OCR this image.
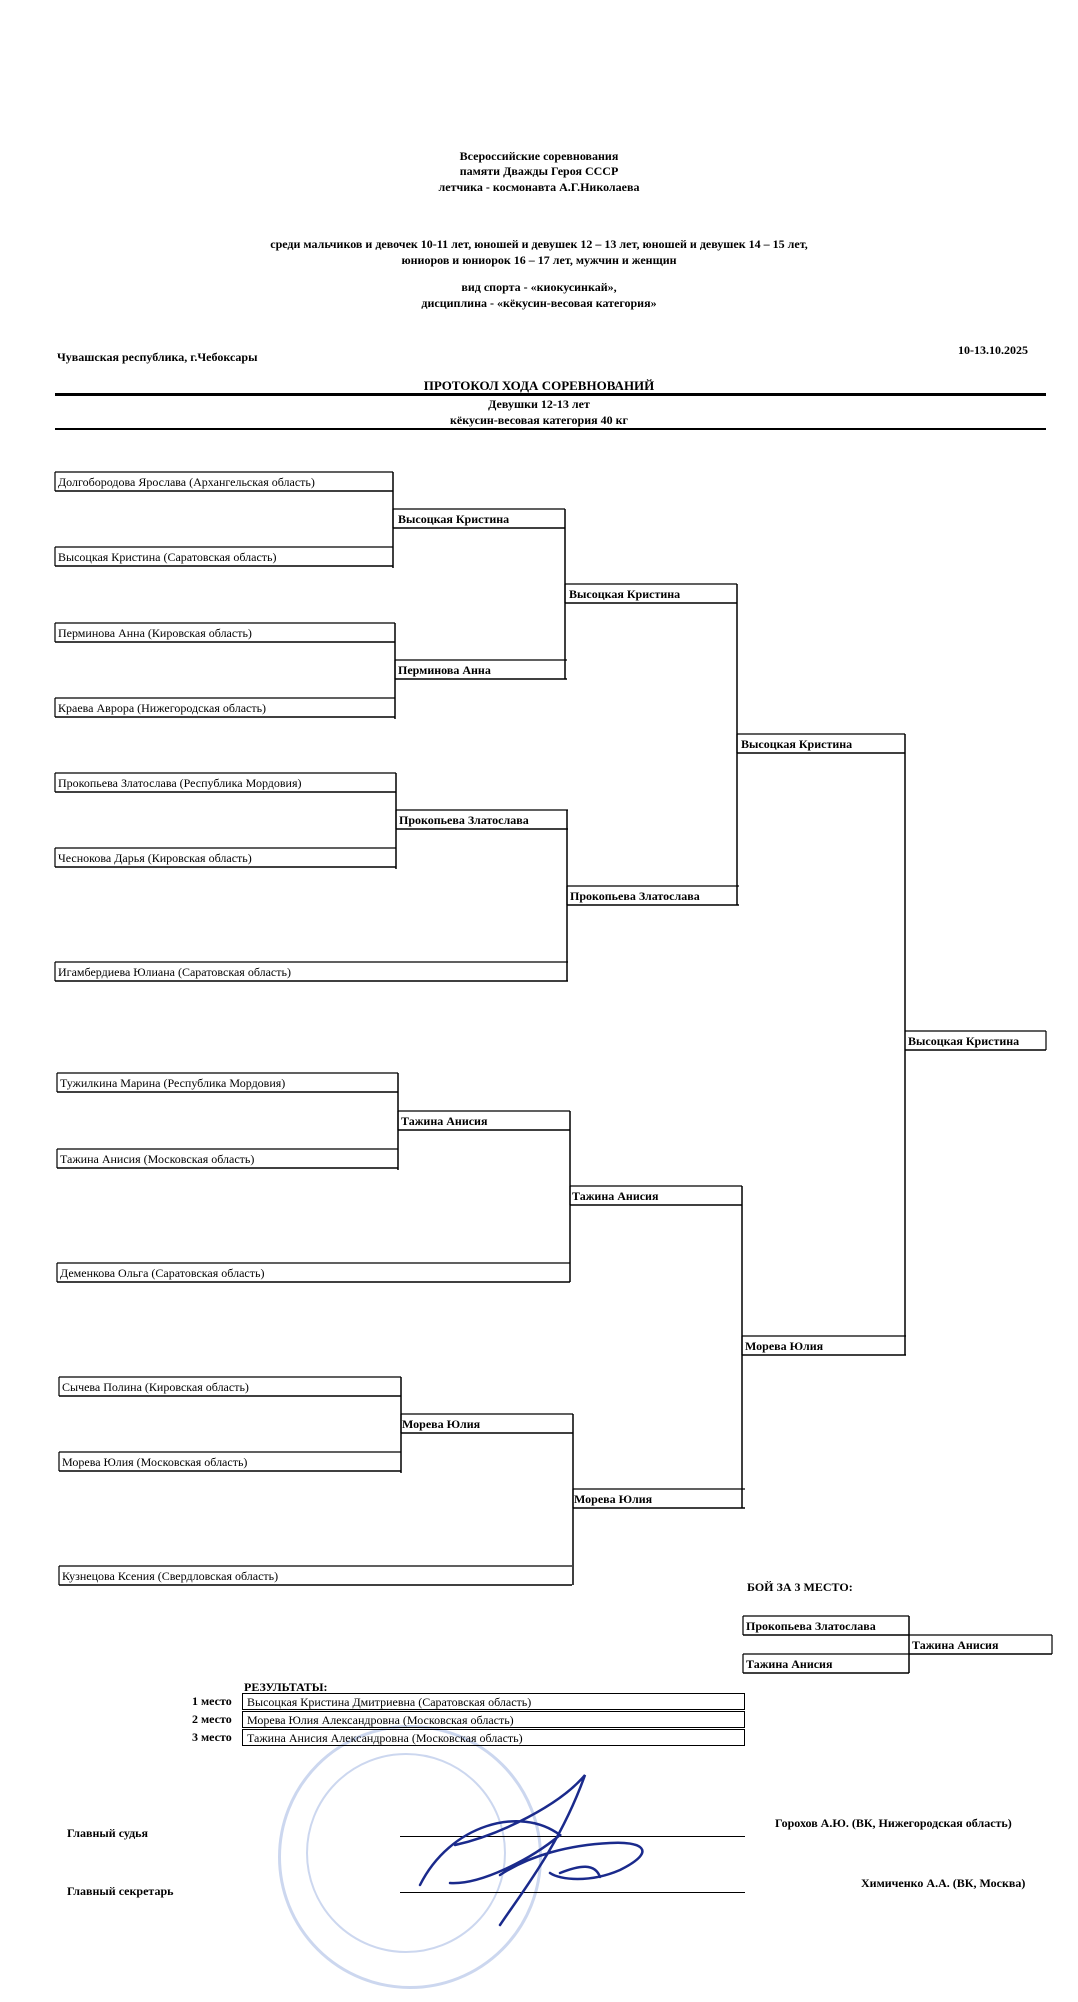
Всероссийские соревнования
памяти Дважды Героя СССР
летчика - космонавта А.Г.Николаева
среди мальчиков и девочек 10-11 лет, юношей и девушек 12 – 13 лет, юношей и девушек 14 – 15 лет,
юниоров и юниорок 16 – 17 лет, мужчин и женщин
вид спорта - «киокусинкай»,
дисциплина - «кёкусин-весовая категория»
Чувашская республика, г.Чебоксары	10-13.10.2025
ПРОТОКОЛ ХОДА СОРЕВНОВАНИЙ
Девушки 12-13 лет
кёкусин-весовая категория 40 кг
Долгобородова Ярослава (Архангельская область)
Высоцкая Кристина (Саратовская область)
Перминова Анна (Кировская область)
Краева Аврора (Нижегородская область)
Прокопьева Златослава (Республика Мордовия)
Чеснокова Дарья (Кировская область)
Игамбердиева Юлиана (Саратовская область)
Тужилкина Марина (Республика Мордовия)
Тажина Анисия (Московская область)
Деменкова Ольга (Саратовская область)
Сычева Полина (Кировская область)
Морева Юлия (Московская область)
Кузнецова Ксения (Свердловская область)
Высоцкая Кристина
Перминова Анна
Прокопьева Златослава
Тажина Анисия
Морева Юлия
Высоцкая Кристина
Прокопьева Златослава
Тажина Анисия
Морева Юлия
Высоцкая Кристина
Морева Юлия
Высоцкая Кристина
БОЙ ЗА 3 МЕСТО:
Прокопьева Златослава
Тажина Анисия
Тажина Анисия
РЕЗУЛЬТАТЫ:
1 место	Высоцкая Кристина Дмитриевна (Саратовская область)
2 место	Морева Юлия Александровна (Московская область)
3 место	Тажина Анисия Александровна (Московская область)
Главный судья
Горохов А.Ю. (ВК, Нижегородская область)
Главный секретарь
Химиченко А.А. (ВК, Москва)
